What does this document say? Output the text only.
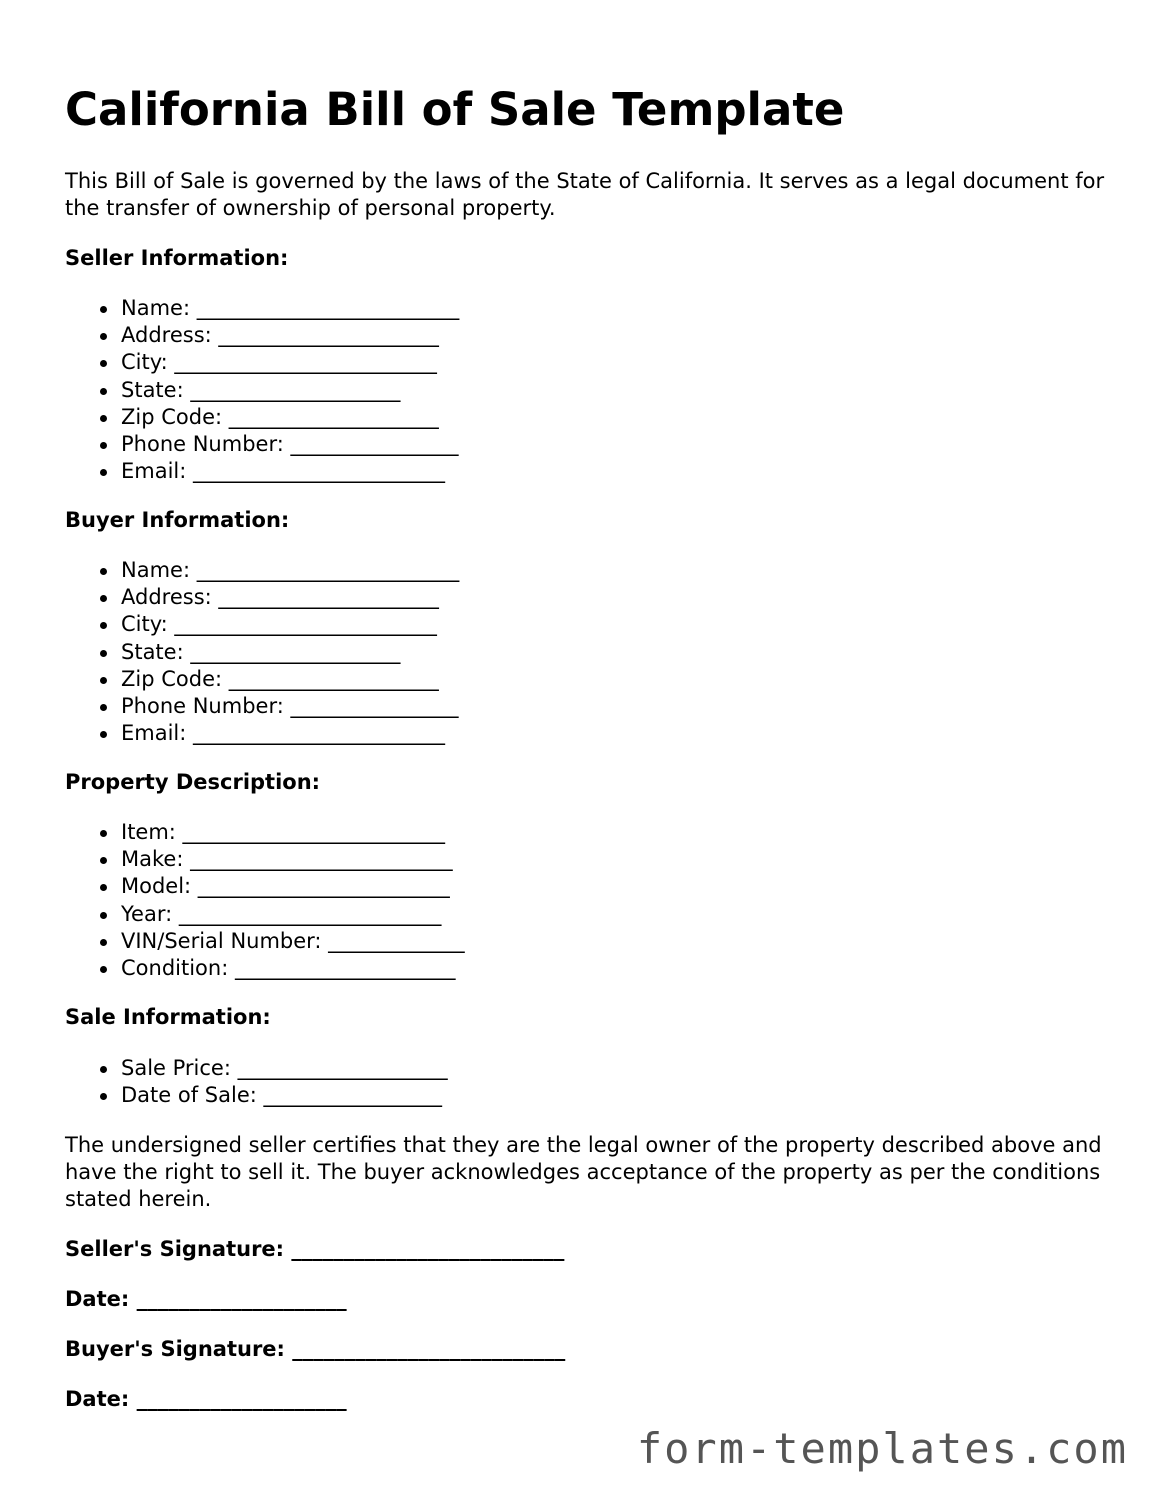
California Bill of Sale Template

This Bill of Sale is governed by the laws of the State of California. It serves as a legal document for the transfer of ownership of personal property.

Seller Information:

Name: _________________________
Address: _____________________
City: _________________________
State: ____________________
Zip Code: ____________________
Phone Number: ________________
Email: ________________________

Buyer Information:

Name: _________________________
Address: _____________________
City: _________________________
State: ____________________
Zip Code: ____________________
Phone Number: ________________
Email: ________________________

Property Description:

Item: _________________________
Make: _________________________
Model: ________________________
Year: _________________________
VIN/Serial Number: _____________
Condition: _____________________

Sale Information:

Sale Price: ____________________
Date of Sale: _________________

The undersigned seller certifies that they are the legal owner of the property described above and have the right to sell it. The buyer acknowledges acceptance of the property as per the conditions stated herein.

Seller's Signature: __________________________

Date: ____________________

Buyer's Signature: __________________________

Date: ____________________

form-templates.com
